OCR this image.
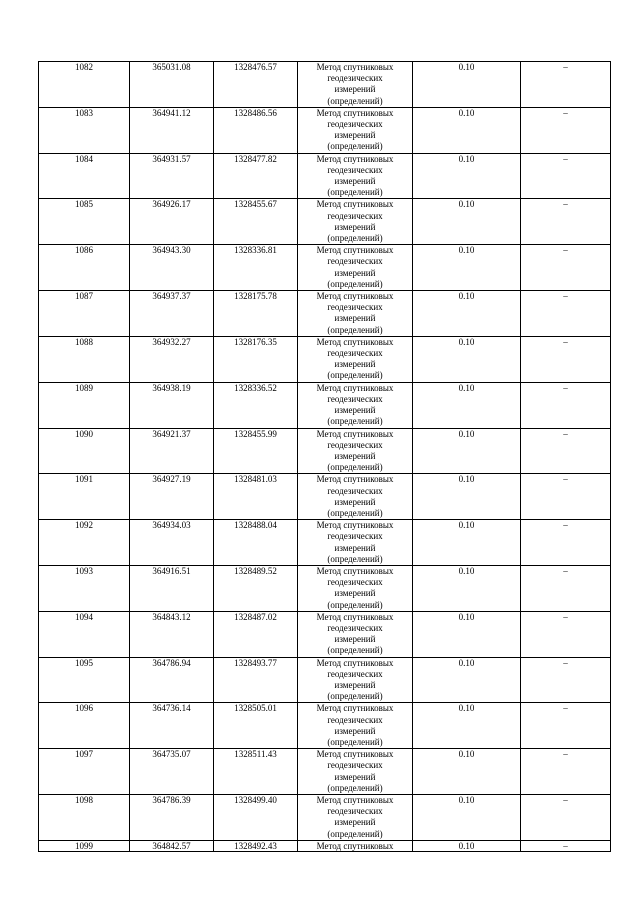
1082	365031.08	1328476.57	Метод спутниковых
геодезических
измерений
(определений)	0.10	–
1083	364941.12	1328486.56	Метод спутниковых
геодезических
измерений
(определений)	0.10	–
1084	364931.57	1328477.82	Метод спутниковых
геодезических
измерений
(определений)	0.10	–
1085	364926.17	1328455.67	Метод спутниковых
геодезических
измерений
(определений)	0.10	–
1086	364943.30	1328336.81	Метод спутниковых
геодезических
измерений
(определений)	0.10	–
1087	364937.37	1328175.78	Метод спутниковых
геодезических
измерений
(определений)	0.10	–
1088	364932.27	1328176.35	Метод спутниковых
геодезических
измерений
(определений)	0.10	–
1089	364938.19	1328336.52	Метод спутниковых
геодезических
измерений
(определений)	0.10	–
1090	364921.37	1328455.99	Метод спутниковых
геодезических
измерений
(определений)	0.10	–
1091	364927.19	1328481.03	Метод спутниковых
геодезических
измерений
(определений)	0.10	–
1092	364934.03	1328488.04	Метод спутниковых
геодезических
измерений
(определений)	0.10	–
1093	364916.51	1328489.52	Метод спутниковых
геодезических
измерений
(определений)	0.10	–
1094	364843.12	1328487.02	Метод спутниковых
геодезических
измерений
(определений)	0.10	–
1095	364786.94	1328493.77	Метод спутниковых
геодезических
измерений
(определений)	0.10	–
1096	364736.14	1328505.01	Метод спутниковых
геодезических
измерений
(определений)	0.10	–
1097	364735.07	1328511.43	Метод спутниковых
геодезических
измерений
(определений)	0.10	–
1098	364786.39	1328499.40	Метод спутниковых
геодезических
измерений
(определений)	0.10	–
1099	364842.57	1328492.43	Метод спутниковых	0.10	–
